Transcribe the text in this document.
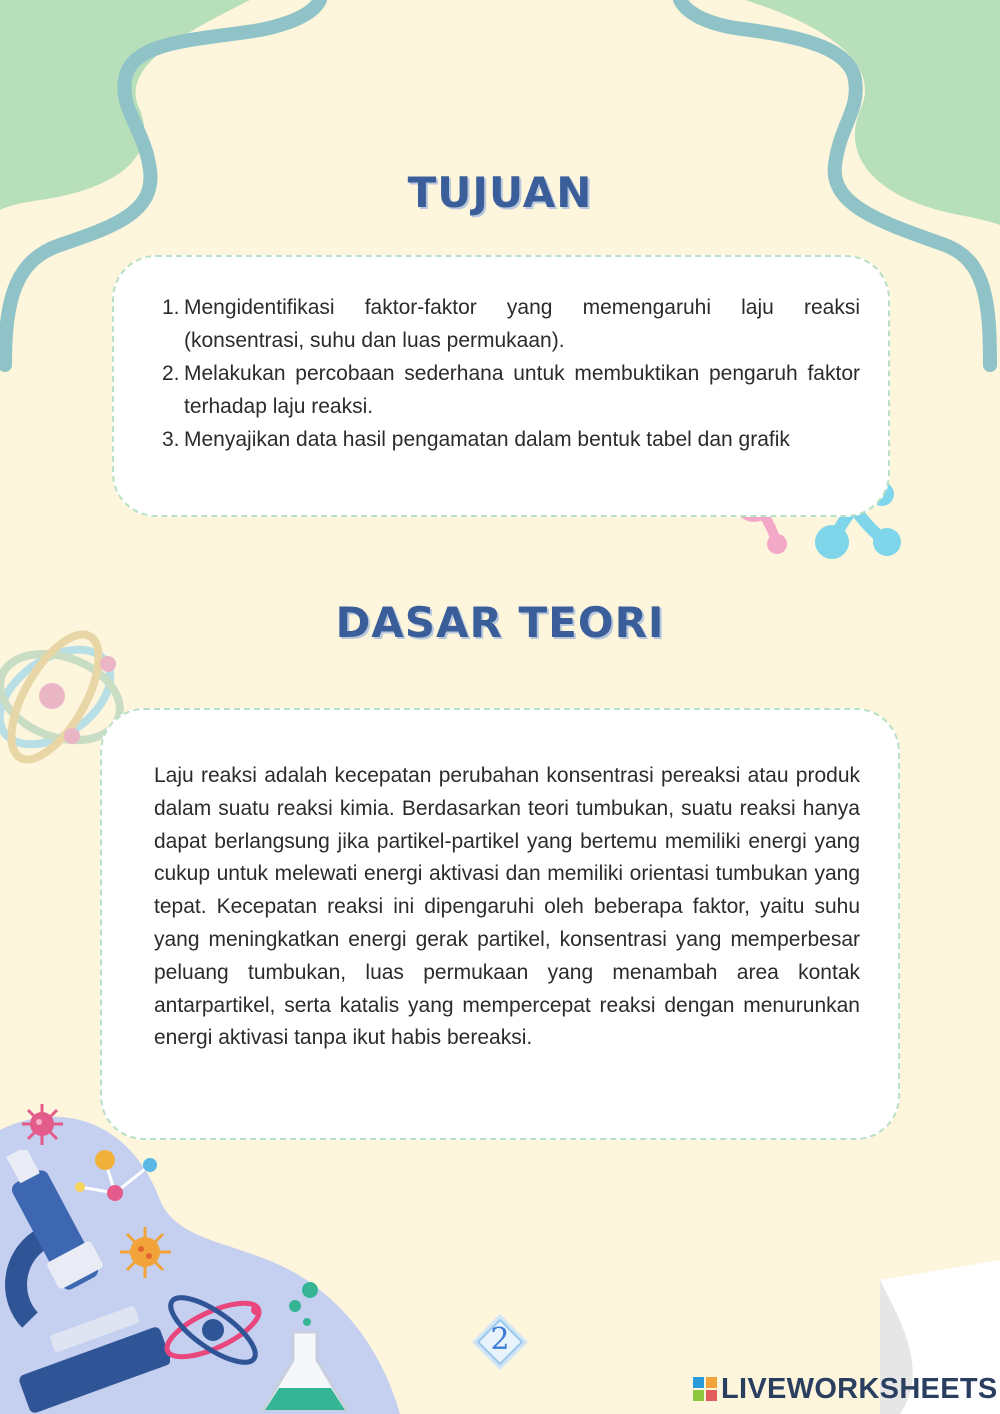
TUJUAN
DASAR TEORI
1. Mengidentifikasi faktor-faktor yang memengaruhi laju reaksi (konsentrasi, suhu dan luas permukaan).
2. Melakukan percobaan sederhana untuk membuktikan pengaruh faktor terhadap laju reaksi.
3. Menyajikan data hasil pengamatan dalam bentuk tabel dan grafik

Laju reaksi adalah kecepatan perubahan konsentrasi pereaksi atau produk dalam suatu reaksi kimia. Berdasarkan teori tumbukan, suatu reaksi hanya dapat berlangsung jika partikel-partikel yang bertemu memiliki energi yang cukup untuk melewati energi aktivasi dan memiliki orientasi tumbukan yang tepat. Kecepatan reaksi ini dipengaruhi oleh beberapa faktor, yaitu suhu yang meningkatkan energi gerak partikel, konsentrasi yang memperbesar peluang tumbukan, luas permukaan yang menambah area kontak antarpartikel, serta katalis yang mempercepat reaksi dengan menurunkan energi aktivasi tanpa ikut habis bereaksi.

2
LIVEWORKSHEETS
